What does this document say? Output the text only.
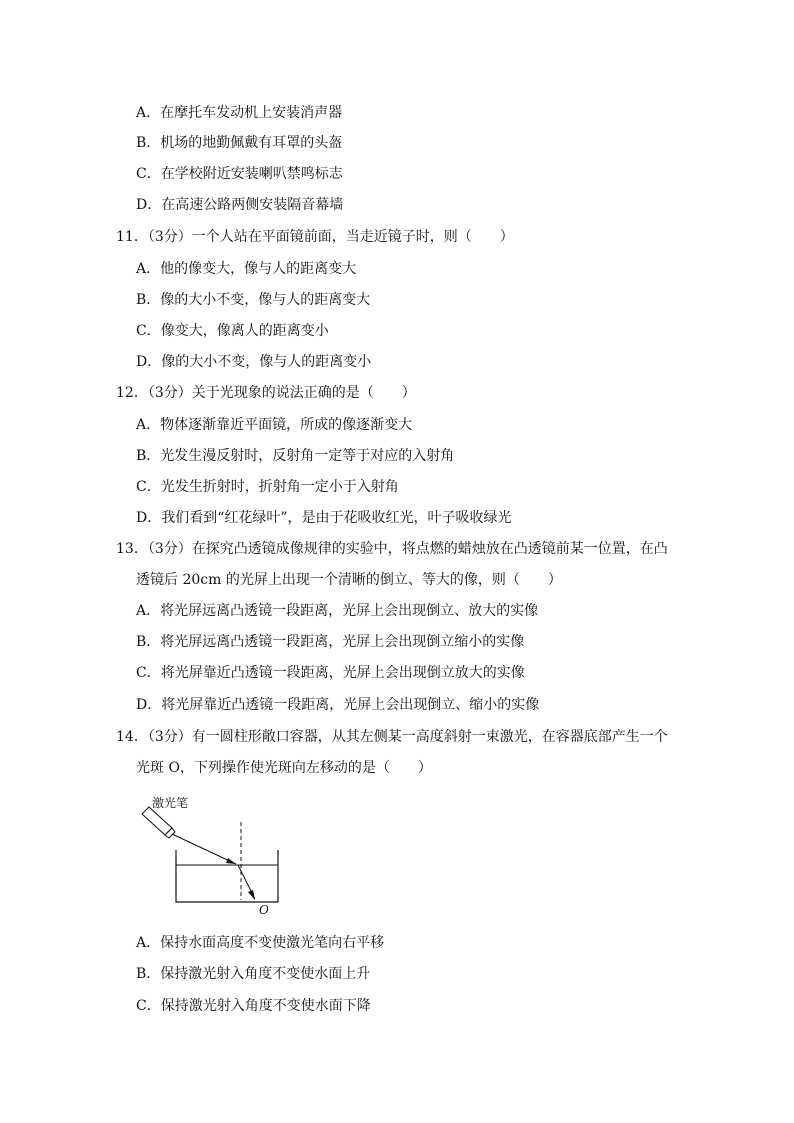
A．在摩托车发动机上安装消声器
B．机场的地勤佩戴有耳罩的头盔
C．在学校附近安装喇叭禁鸣标志
D．在高速公路两侧安装隔音幕墙
11．（3分）一个人站在平面镜前面，当走近镜子时，则（　　）
A．他的像变大，像与人的距离变大
B．像的大小不变，像与人的距离变大
C．像变大，像离人的距离变小
D．像的大小不变，像与人的距离变小
12．（3分）关于光现象的说法正确的是（　　）
A．物体逐渐靠近平面镜，所成的像逐渐变大
B．光发生漫反射时，反射角一定等于对应的入射角
C．光发生折射时，折射角一定小于入射角
D．我们看到“红花绿叶”，是由于花吸收红光，叶子吸收绿光
13．（3分）在探究凸透镜成像规律的实验中，将点燃的蜡烛放在凸透镜前某一位置，在凸
透镜后 20cm 的光屏上出现一个清晰的倒立、等大的像，则（　　）
A．将光屏远离凸透镜一段距离，光屏上会出现倒立、放大的实像
B．将光屏远离凸透镜一段距离，光屏上会出现倒立缩小的实像
C．将光屏靠近凸透镜一段距离，光屏上会出现倒立放大的实像
D．将光屏靠近凸透镜一段距离，光屏上会出现倒立、缩小的实像
14．（3分）有一圆柱形敞口容器，从其左侧某一高度斜射一束激光，在容器底部产生一个
光斑 O，下列操作使光斑向左移动的是（　　）
激光笔
O
A．保持水面高度不变使激光笔向右平移
B．保持激光射入角度不变使水面上升
C．保持激光射入角度不变使水面下降
